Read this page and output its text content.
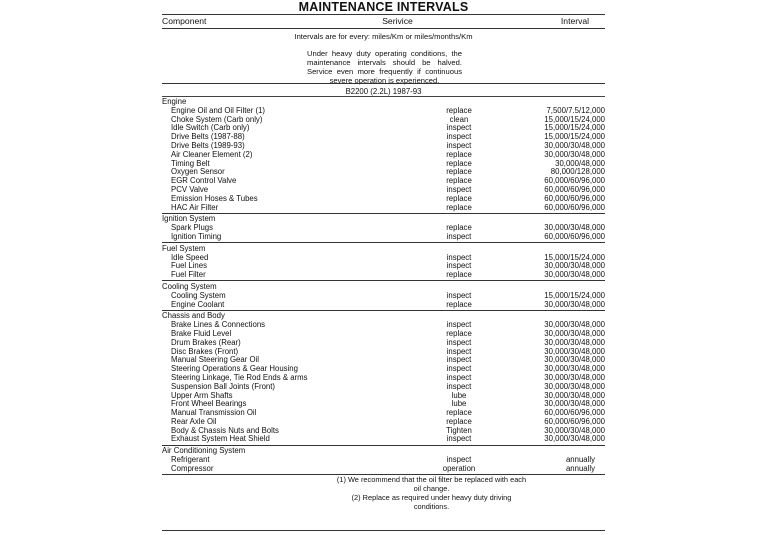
MAINTENANCE INTERVALS
Component	Serivice	Interval
Intervals are for every: miles/Km or miles/months/Km
Under heavy duty operating conditions, the maintenance intervals should be halved. Service even more frequently if continuous severe operation is experienced.
B2200 (2.2L) 1987-93
Engine
Engine Oil and Oil Filter (1)	replace	7,500/7.5/12,000
Choke System (Carb only)	clean	15,000/15/24,000
Idle Switch (Carb only)	inspect	15,000/15/24,000
Drive Belts (1987-88)	inspect	15,000/15/24,000
Drive Belts (1989-93)	inspect	30,000/30/48,000
Air Cleaner Element (2)	replace	30,000/30/48,000
Timing Belt	replace	30,000/48,000
Oxygen Sensor	replace	80,000/128,000
EGR Control Valve	replace	60,000/60/96,000
PCV Valve	inspect	60,000/60/96,000
Emission Hoses & Tubes	replace	60,000/60/96,000
HAC Air Filter	replace	60,000/60/96,000
Ignition System
Spark Plugs	replace	30,000/30/48,000
Ignition Timing	inspect	60,000/60/96,000
Fuel System
Idle Speed	inspect	15,000/15/24,000
Fuel Lines	inspect	30,000/30/48,000
Fuel Filter	replace	30,000/30/48,000
Cooling System
Cooling System	inspect	15,000/15/24,000
Engine Coolant	replace	30,000/30/48,000
Chassis and Body
Brake Lines & Connections	inspect	30,000/30/48,000
Brake Fluid Level	replace	30,000/30/48,000
Drum Brakes (Rear)	inspect	30,000/30/48,000
Disc Brakes (Front)	inspect	30,000/30/48,000
Manual Steering Gear Oil	inspect	30,000/30/48,000
Steering Operations & Gear Housing	inspect	30,000/30/48,000
Steering Linkage, Tie Rod Ends & arms	inspect	30,000/30/48,000
Suspension Ball Joints (Front)	inspect	30,000/30/48,000
Upper Arm Shafts	lube	30,000/30/48,000
Front Wheel Bearings	lube	30,000/30/48,000
Manual Transmission Oil	replace	60,000/60/96,000
Rear Axle Oil	replace	60,000/60/96,000
Body & Chassis Nuts and Bolts	Tighten	30,000/30/48,000
Exhaust System Heat Shield	inspect	30,000/30/48,000
Air Conditioning System
Refrigerant	inspect	annually
Compressor	operation	annually
(1) We recommend that the oil filter be replaced with each oil change.
(2) Replace as required under heavy duty driving conditions.
